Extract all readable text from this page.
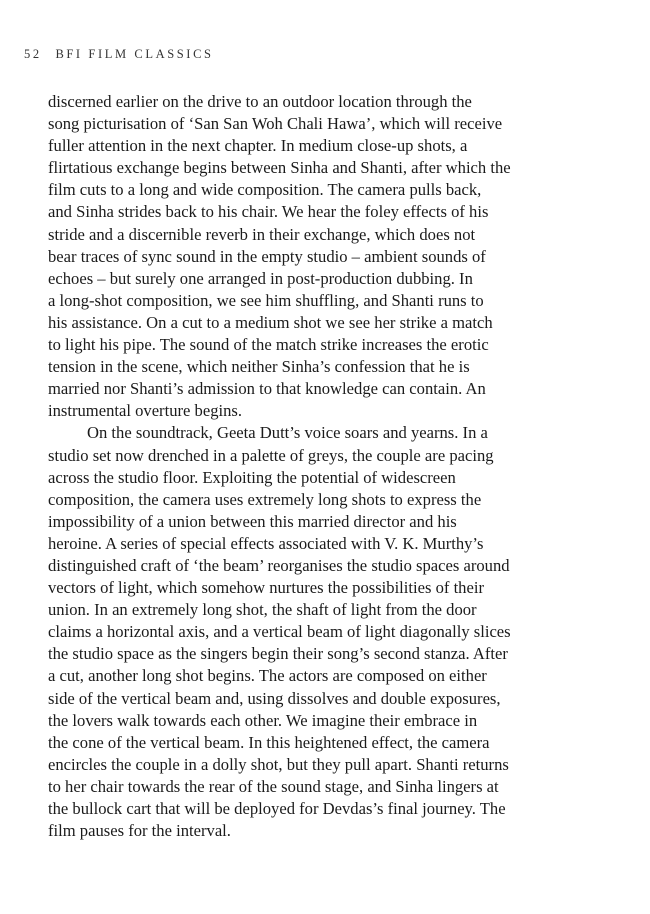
52 BFI FILM CLASSICS
discerned earlier on the drive to an outdoor location through the
song picturisation of ‘San San Woh Chali Hawa’, which will receive
fuller attention in the next chapter. In medium close-up shots, a
flirtatious exchange begins between Sinha and Shanti, after which the
film cuts to a long and wide composition. The camera pulls back,
and Sinha strides back to his chair. We hear the foley effects of his
stride and a discernible reverb in their exchange, which does not
bear traces of sync sound in the empty studio – ambient sounds of
echoes – but surely one arranged in post-production dubbing. In
a long-shot composition, we see him shuffling, and Shanti runs to
his assistance. On a cut to a medium shot we see her strike a match
to light his pipe. The sound of the match strike increases the erotic
tension in the scene, which neither Sinha’s confession that he is
married nor Shanti’s admission to that knowledge can contain. An
instrumental overture begins.
On the soundtrack, Geeta Dutt’s voice soars and yearns. In a
studio set now drenched in a palette of greys, the couple are pacing
across the studio floor. Exploiting the potential of widescreen
composition, the camera uses extremely long shots to express the
impossibility of a union between this married director and his
heroine. A series of special effects associated with V. K. Murthy’s
distinguished craft of ‘the beam’ reorganises the studio spaces around
vectors of light, which somehow nurtures the possibilities of their
union. In an extremely long shot, the shaft of light from the door
claims a horizontal axis, and a vertical beam of light diagonally slices
the studio space as the singers begin their song’s second stanza. After
a cut, another long shot begins. The actors are composed on either
side of the vertical beam and, using dissolves and double exposures,
the lovers walk towards each other. We imagine their embrace in
the cone of the vertical beam. In this heightened effect, the camera
encircles the couple in a dolly shot, but they pull apart. Shanti returns
to her chair towards the rear of the sound stage, and Sinha lingers at
the bullock cart that will be deployed for Devdas’s final journey. The
film pauses for the interval.
